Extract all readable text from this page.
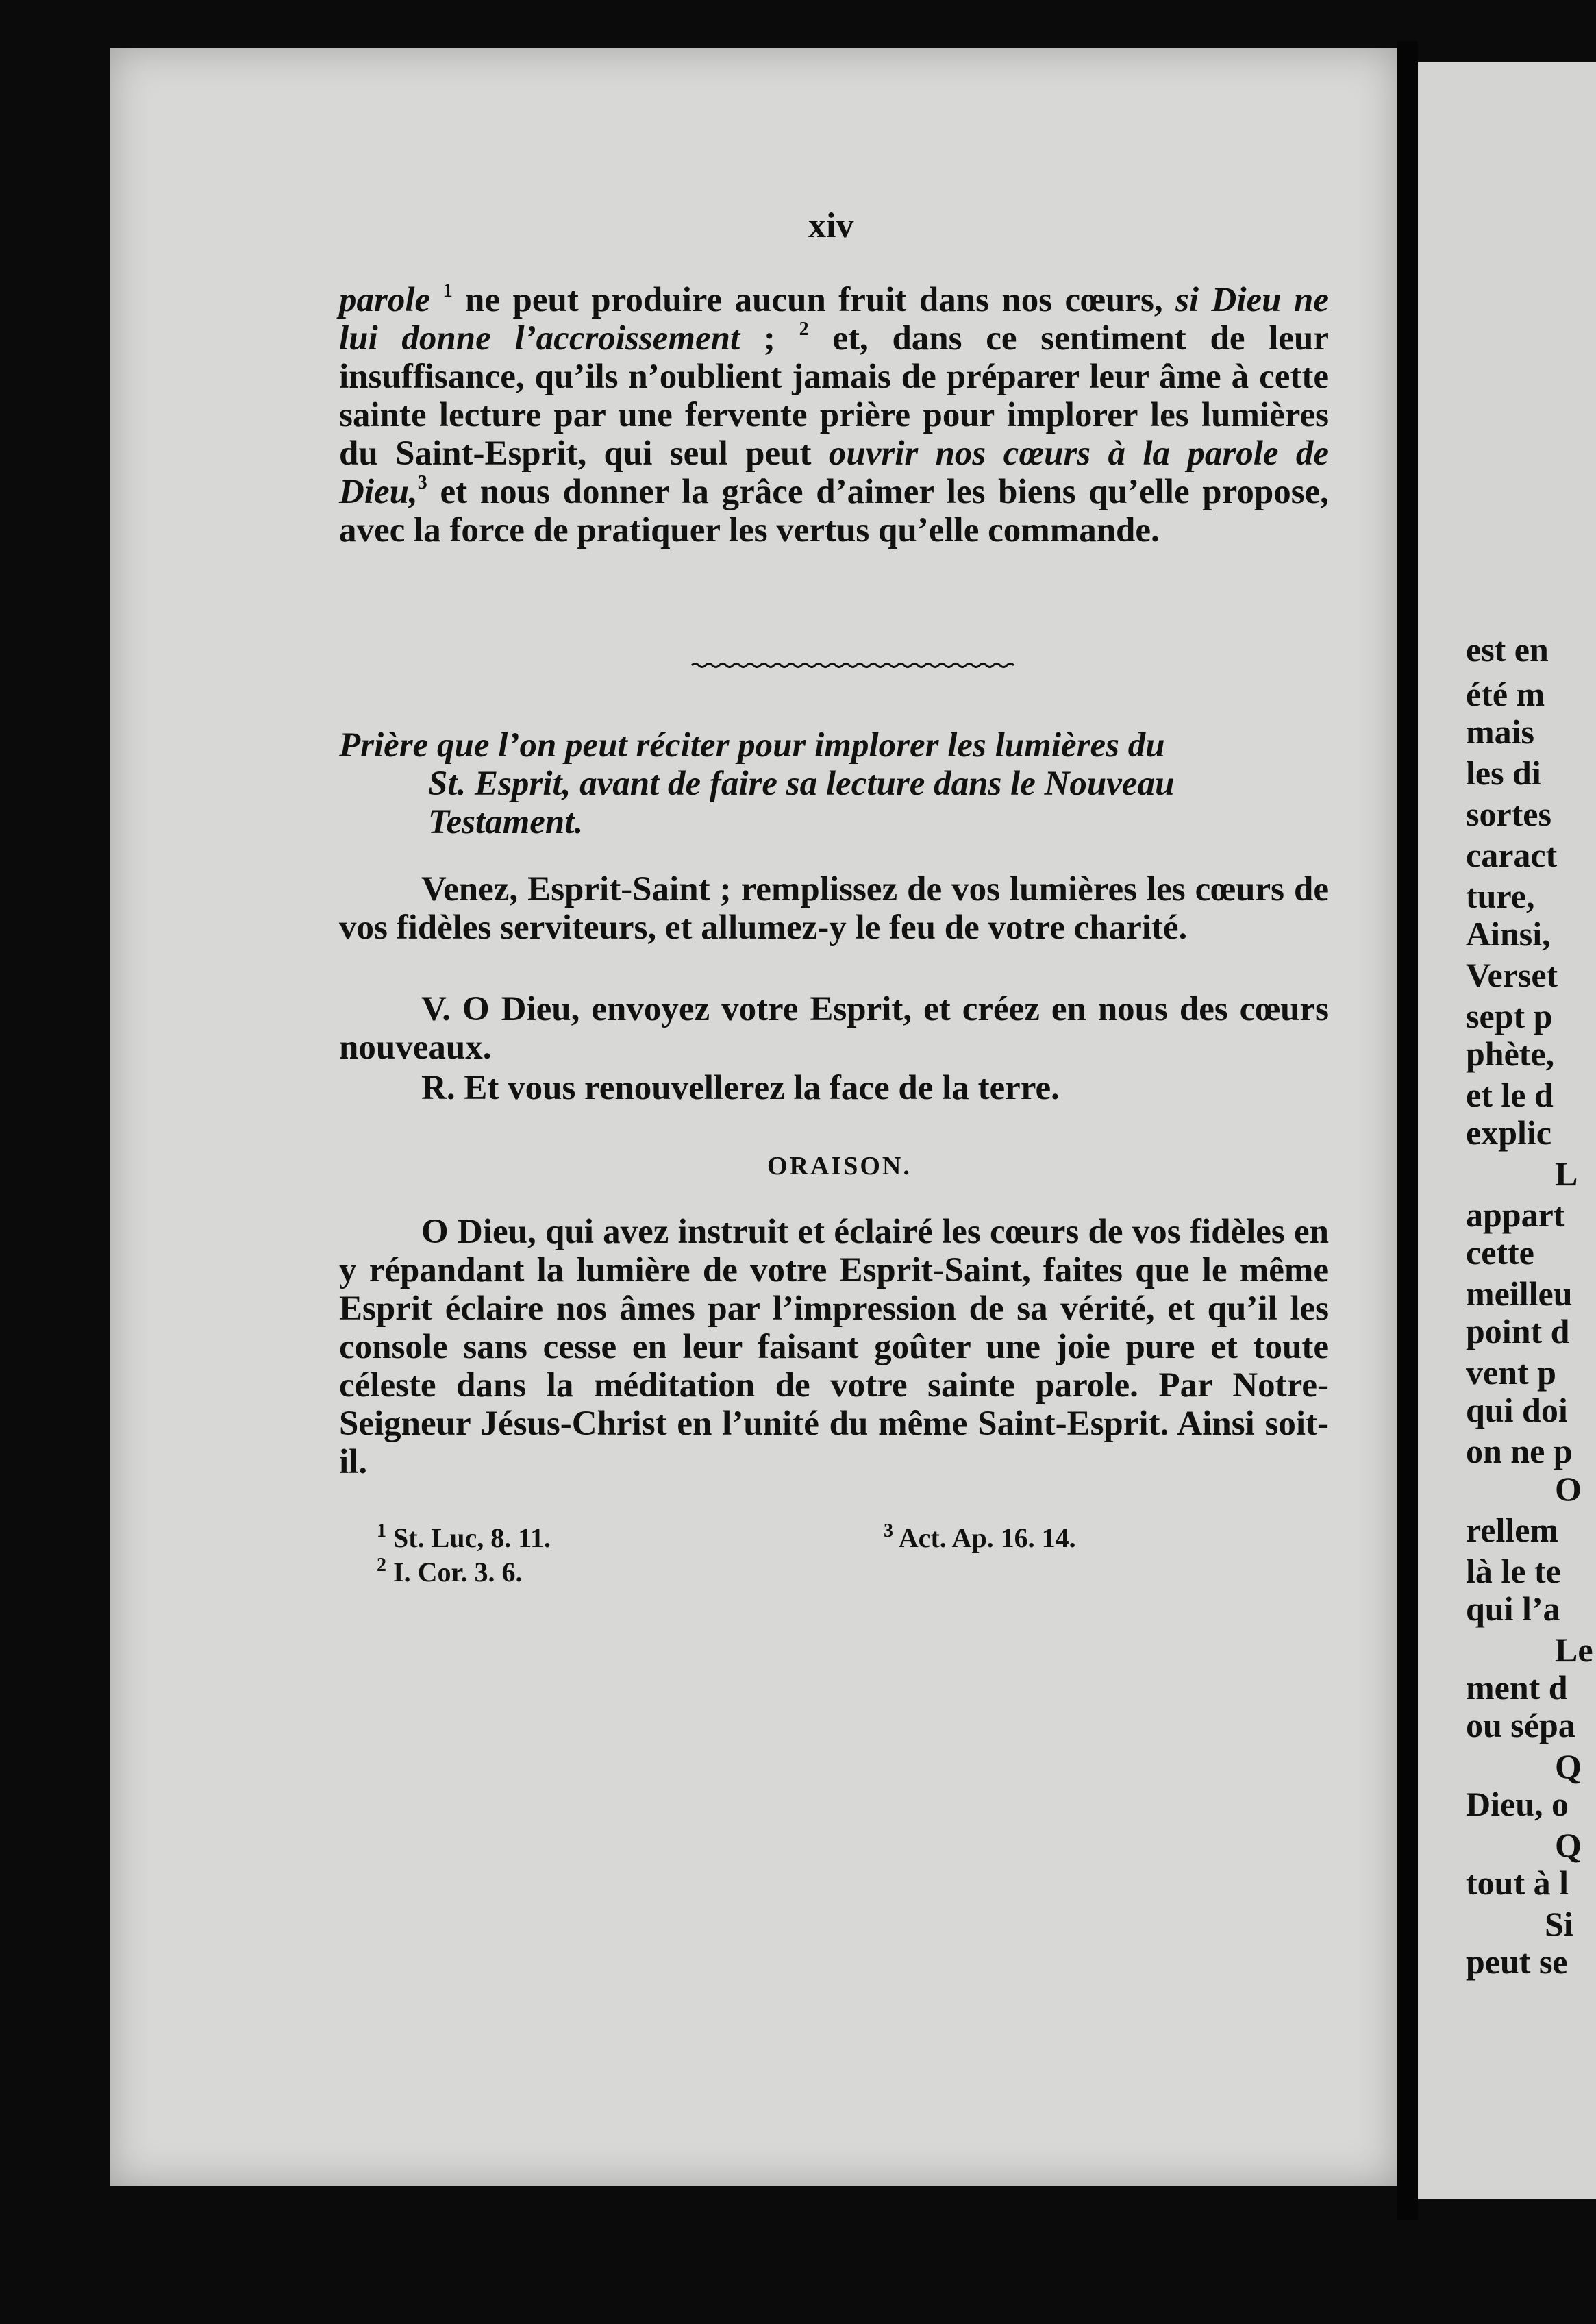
xiv
parole $^1$ ne peut produire aucun fruit dans nos cœurs, si Dieu ne lui donne l’accroissement ; $^2$ et, dans ce sentiment de leur insuffisance, qu’ils n’oublient jamais de préparer leur âme à cette sainte lecture par une fervente prière pour implorer les lumières du Saint-Esprit, qui seul peut ouvrir nos cœurs à la parole de Dieu,$^3$ et nous donner la grâce d’aimer les biens qu’elle propose, avec la force de pratiquer les vertus qu’elle commande.
Prière que l’on peut réciter pour implorer les lumières du
St. Esprit, avant de faire sa lecture dans le Nouveau
Testament.
Venez, Esprit-Saint ; remplissez de vos lumières les cœurs de vos fidèles serviteurs, et allumez-y le feu de votre charité.
V. O Dieu, envoyez votre Esprit, et créez en nous des cœurs nouveaux.
R. Et vous renouvellerez la face de la terre.
ORAISON.
O Dieu, qui avez instruit et éclairé les cœurs de vos fidèles en y répandant la lumière de votre Esprit-Saint, faites que le même Esprit éclaire nos âmes par l’impression de sa vérité, et qu’il les console sans cesse en leur faisant goûter une joie pure et toute céleste dans la méditation de votre sainte parole. Par Notre-Seigneur Jésus-Christ en l’unité du même Saint-Esprit. Ainsi soit-il.
$^1$ St. Luc, 8. 11.
$^2$ I. Cor. 3. 6.
$^3$ Act. Ap. 16. 14.
est en
été m
mais
les di
sortes
caract
ture,
Ainsi,
Verset
sept p
phète,
et le d
explic
L
appart
cette
meilleu
point d
vent p
qui doi
on ne p
O
rellem
là le te
qui l’a
Le
ment d
ou sépa
Q
Dieu, o
Q
tout à l
Si
peut se
